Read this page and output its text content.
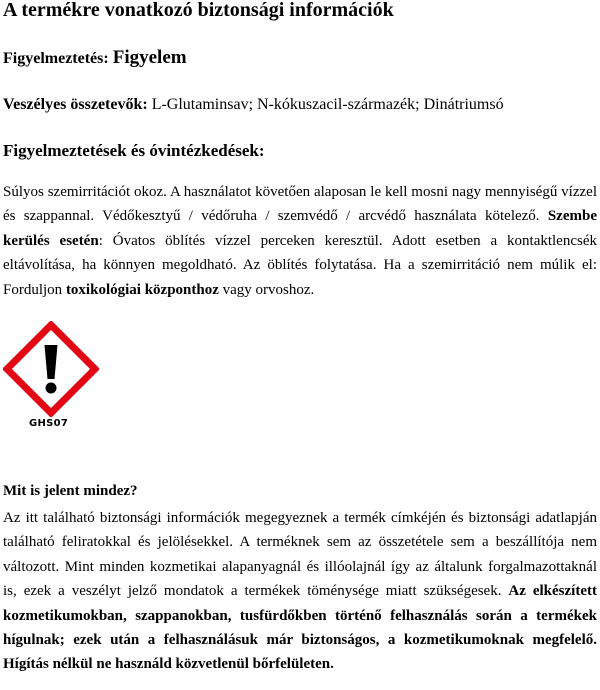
A termékre vonatkozó biztonsági információk

Figyelmeztetés: Figyelem

Veszélyes összetevők: L-Glutaminsav; N-kókuszacil-származék; Dinátriumsó

Figyelmeztetések és óvintézkedések:

Súlyos szemirritációt okoz. A használatot követően alaposan le kell mosni nagy mennyiségű vízzel és szappannal. Védőkesztyű / védőruha / szemvédő / arcvédő használata kötelező. Szembe kerülés esetén: Óvatos öblítés vízzel perceken keresztül. Adott esetben a kontaktlencsék eltávolítása, ha könnyen megoldható. Az öblítés folytatása. Ha a szemirritáció nem múlik el: Forduljon toxikológiai központhoz vagy orvoshoz.

GHS07
Mit is jelent mindez?

Az itt található biztonsági információk megegyeznek a termék címkéjén és biztonsági adatlapján található feliratokkal és jelölésekkel. A terméknek sem az összetétele sem a beszállítója nem változott. Mint minden kozmetikai alapanyagnál és illóolajnál így az általunk forgalmazottaknál is, ezek a veszélyt jelző mondatok a termékek töménysége miatt szükségesek. Az elkészített kozmetikumokban, szappanokban, tusfürdőkben történő felhasználás során a termékek hígulnak; ezek után a felhasználásuk már biztonságos, a kozmetikumoknak megfelelő. Hígítás nélkül ne használd közvetlenül bőrfelületen.
